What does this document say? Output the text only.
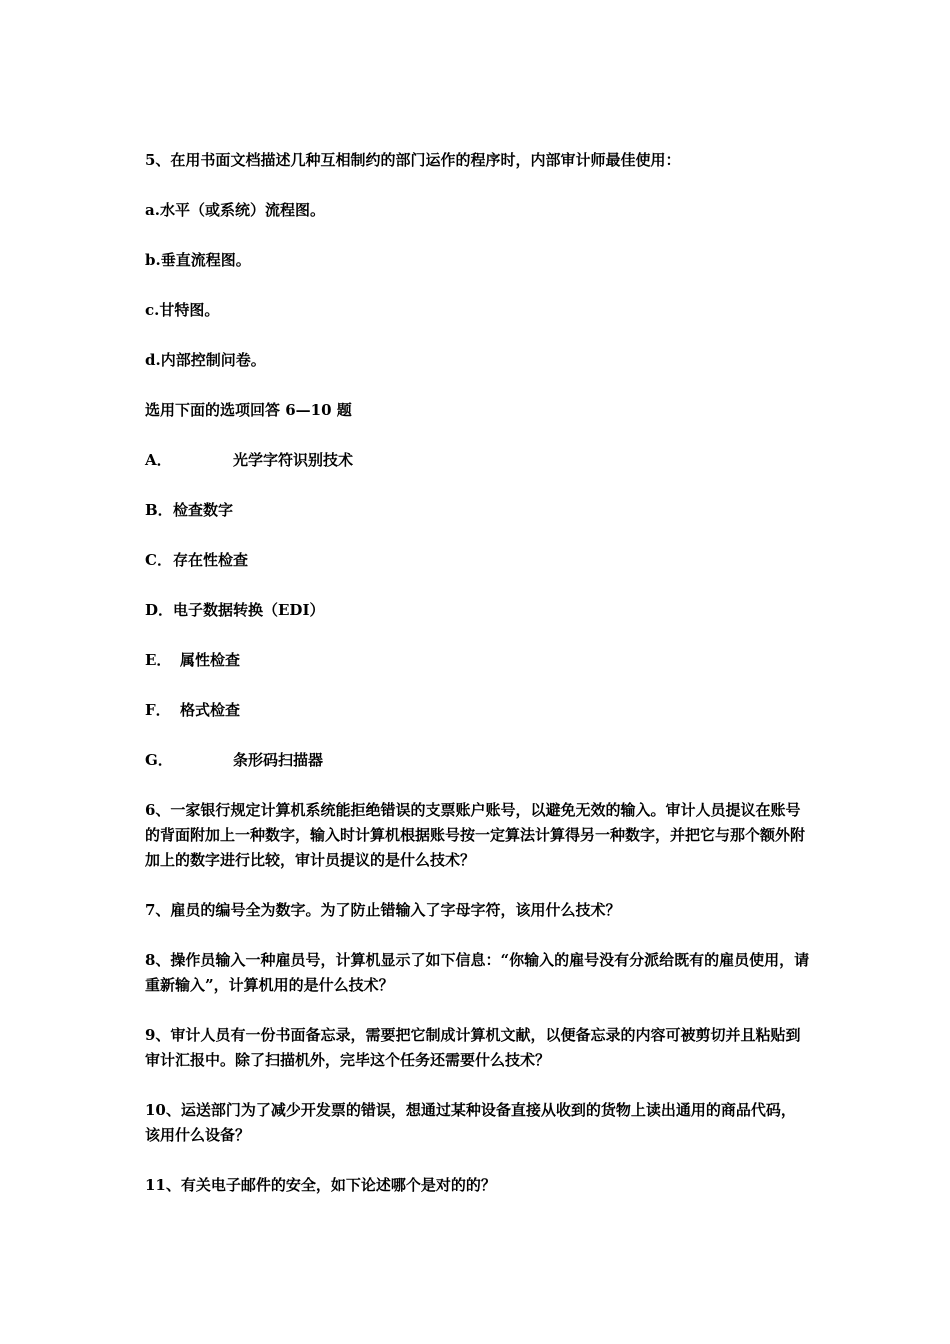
5、在用书面文档描述几种互相制约的部门运作的程序时，内部审计师最佳使用：

a.水平（或系统）流程图。

b.垂直流程图。

c.甘特图。

d.内部控制问卷。

选用下面的选项回答 6—10 题

A．	光学字符识别技术

B．检查数字

C．存在性检查

D．电子数据转换（EDI）

E． 属性检查

F． 格式检查

G．	条形码扫描器

6、一家银行规定计算机系统能拒绝错误的支票账户账号，以避免无效的输入。审计人员提议在账号的背面附加上一种数字，输入时计算机根据账号按一定算法计算得另一种数字，并把它与那个额外附加上的数字进行比较，审计员提议的是什么技术？

7、雇员的编号全为数字。为了防止错输入了字母字符，该用什么技术？

8、操作员输入一种雇员号，计算机显示了如下信息：“你输入的雇号没有分派给既有的雇员使用，请重新输入”，计算机用的是什么技术？

9、审计人员有一份书面备忘录，需要把它制成计算机文献，以便备忘录的内容可被剪切并且粘贴到审计汇报中。除了扫描机外，完毕这个任务还需要什么技术？

10、运送部门为了减少开发票的错误，想通过某种设备直接从收到的货物上读出通用的商品代码，该用什么设备？

11、有关电子邮件的安全，如下论述哪个是对的的？
